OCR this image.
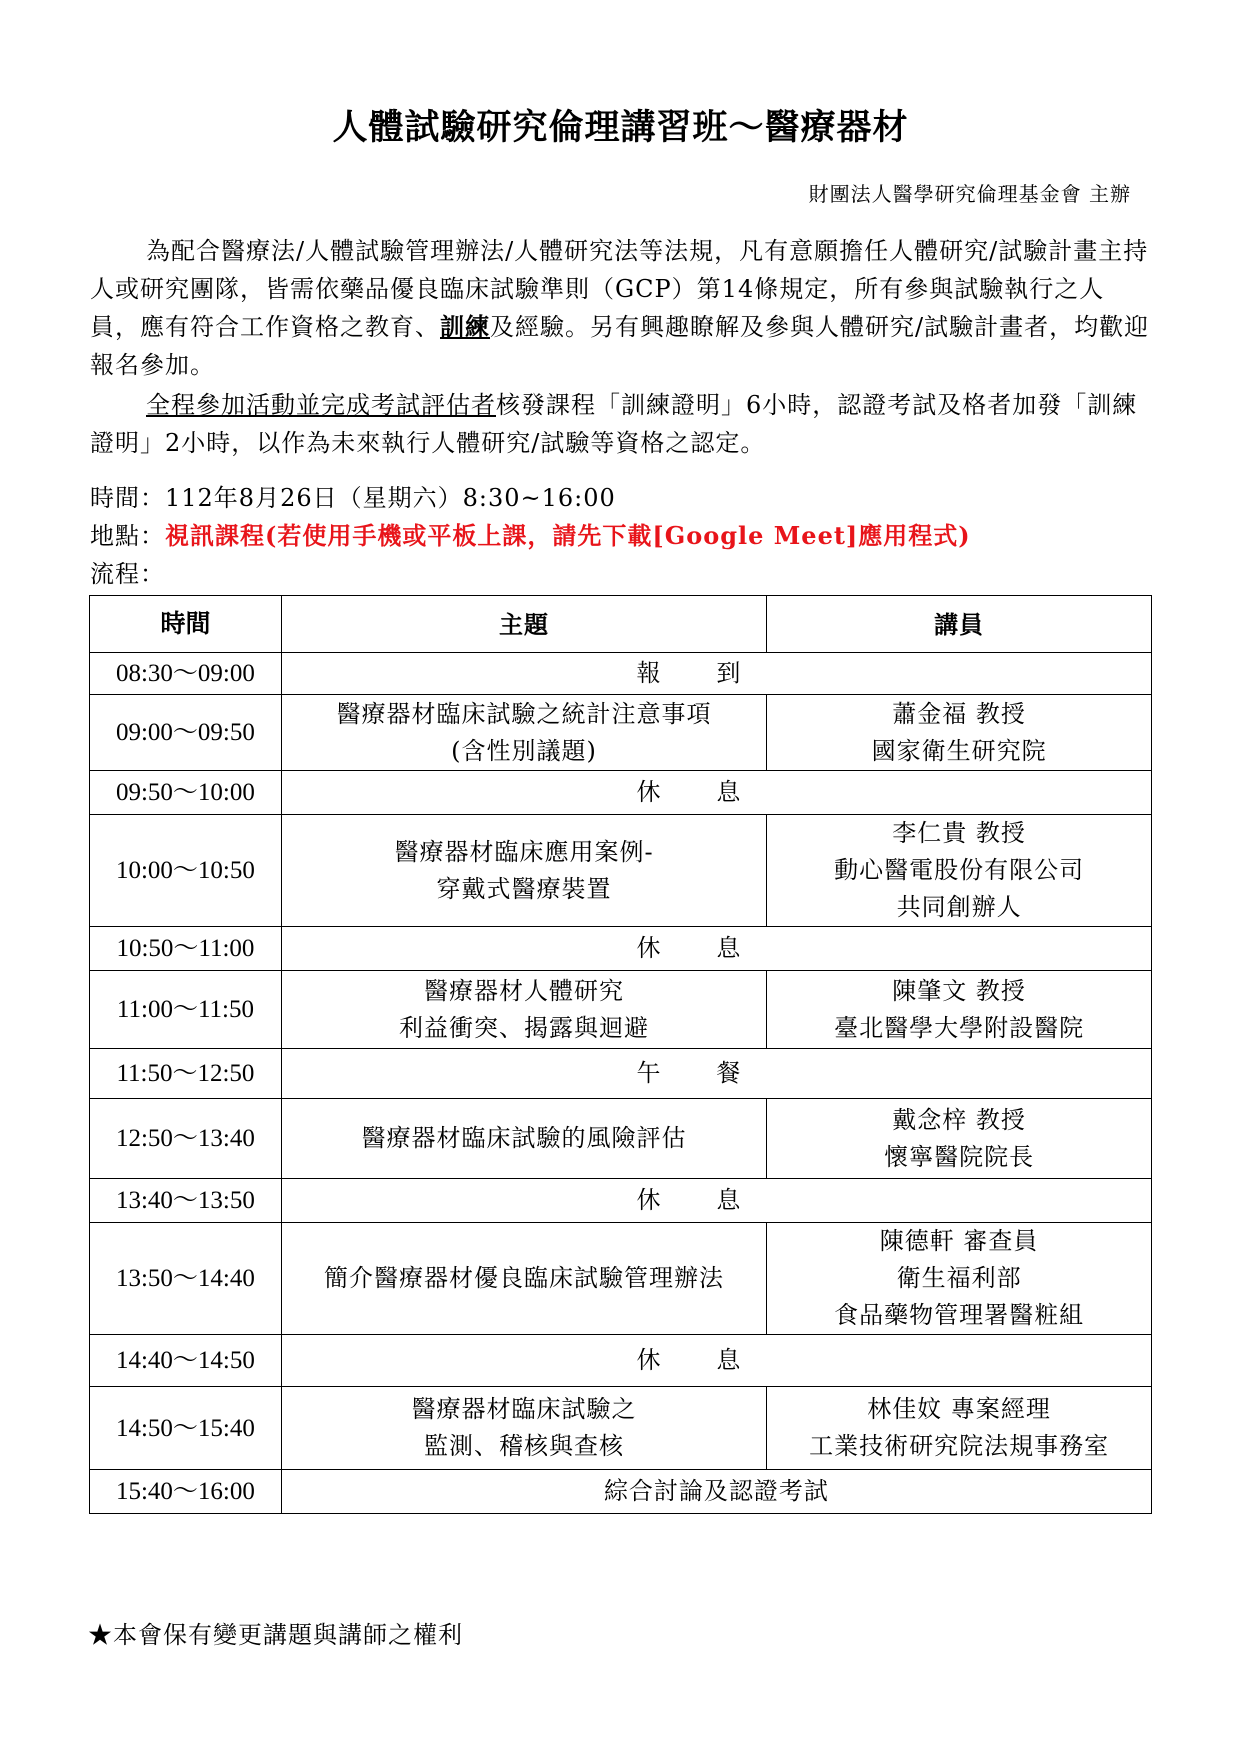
人體試驗研究倫理講習班～醫療器材
財團法人醫學研究倫理基金會 主辦
為配合醫療法/人體試驗管理辦法/人體研究法等法規，凡有意願擔任人體研究/試驗計畫主持人或研究團隊，皆需依藥品優良臨床試驗準則（GCP）第14條規定，所有參與試驗執行之人員，應有符合工作資格之教育、訓練及經驗。另有興趣瞭解及參與人體研究/試驗計畫者，均歡迎報名參加。
全程參加活動並完成考試評估者核發課程「訓練證明」6小時，認證考試及格者加發「訓練證明」2小時，以作為未來執行人體研究/試驗等資格之認定。
時間：112年8月26日（星期六）8:30~16:00
地點：視訊課程(若使用手機或平板上課，請先下載[Google Meet]應用程式)
流程：
時間	主題	講員
08:30～09:00	報到	
09:00～09:50	醫療器材臨床試驗之統計注意事項
(含性別議題)	蕭金福 教授
國家衛生研究院

09:50～10:00	休息	
10:00～10:50	醫療器材臨床應用案例-
穿戴式醫療裝置	李仁貴 教授
動心醫電股份有限公司
共同創辦人

10:50～11:00	休息	
11:00～11:50	醫療器材人體研究
利益衝突、揭露與迴避	陳肇文 教授
臺北醫學大學附設醫院

11:50～12:50	午餐	
12:50～13:40	醫療器材臨床試驗的風險評估	戴念梓 教授
懷寧醫院院長

13:40～13:50	休息	
13:50～14:40	簡介醫療器材優良臨床試驗管理辦法	陳德軒 審查員
衛生福利部
食品藥物管理署醫粧組

14:40～14:50	休息	
14:50～15:40	醫療器材臨床試驗之
監測、稽核與查核	林佳妏 專案經理
工業技術研究院法規事務室

15:40～16:00	綜合討論及認證考試	
★本會保有變更講題與講師之權利
